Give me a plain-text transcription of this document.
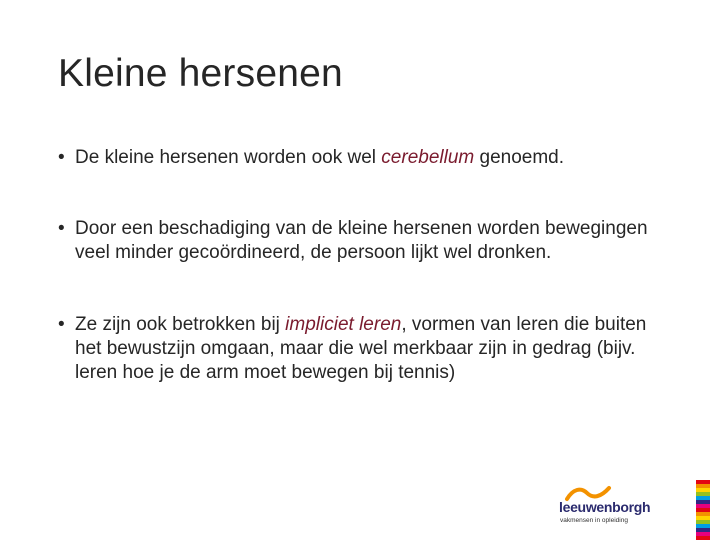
Kleine hersenen
• De kleine hersenen worden ook wel cerebellum genoemd.
• Door een beschadiging van de kleine hersenen worden bewegingen veel minder gecoördineerd, de persoon lijkt wel dronken.
• Ze zijn ook betrokken bij impliciet leren, vormen van leren die buiten het bewustzijn omgaan, maar die wel merkbaar zijn in gedrag (bijv. leren hoe je de arm moet bewegen bij tennis)
leeuwenborgh
vakmensen in opleiding
